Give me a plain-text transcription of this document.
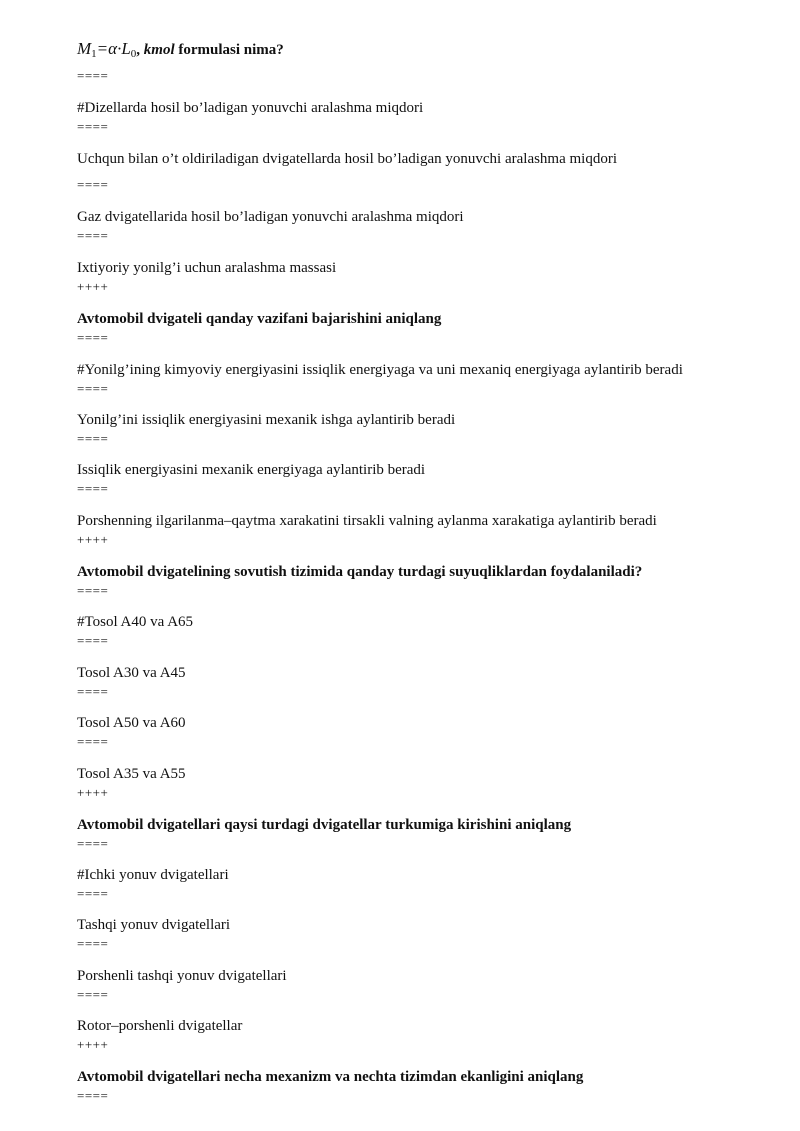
$M_1=\alpha\cdot L_0$, kmol formulasi nima?
====
#Dizellarda hosil bo’ladigan yonuvchi aralashma miqdori
====
Uchqun bilan o’t oldiriladigan dvigatellarda hosil bo’ladigan yonuvchi aralashma miqdori
====
Gaz dvigatellarida hosil bo’ladigan yonuvchi aralashma miqdori
====
Ixtiyoriy yonilg’i uchun aralashma massasi
++++
Avtomobil dvigateli qanday vazifani bajarishini aniqlang
====
#Yonilg’ining kimyoviy energiyasini issiqlik energiyaga va uni mexaniq energiyaga aylantirib beradi
====
Yonilg’ini issiqlik energiyasini mexanik ishga aylantirib beradi
====
Issiqlik energiyasini mexanik energiyaga aylantirib beradi
====
Porshenning ilgarilanma–qaytma xarakatini tirsakli valning aylanma xarakatiga aylantirib beradi
++++
Avtomobil dvigatelining sovutish tizimida qanday turdagi suyuqliklardan foydalaniladi?
====
#Tosol A40 va A65
====
Tosol A30 va A45
====
Tosol A50 va A60
====
Tosol A35 va A55
++++
Avtomobil dvigatellari qaysi turdagi dvigatellar turkumiga kirishini aniqlang
====
#Ichki yonuv dvigatellari
====
Tashqi yonuv dvigatellari
====
Porshenli tashqi yonuv dvigatellari
====
Rotor–porshenli dvigatellar
++++
Avtomobil dvigatellari necha mexanizm va nechta tizimdan ekanligini aniqlang
====
